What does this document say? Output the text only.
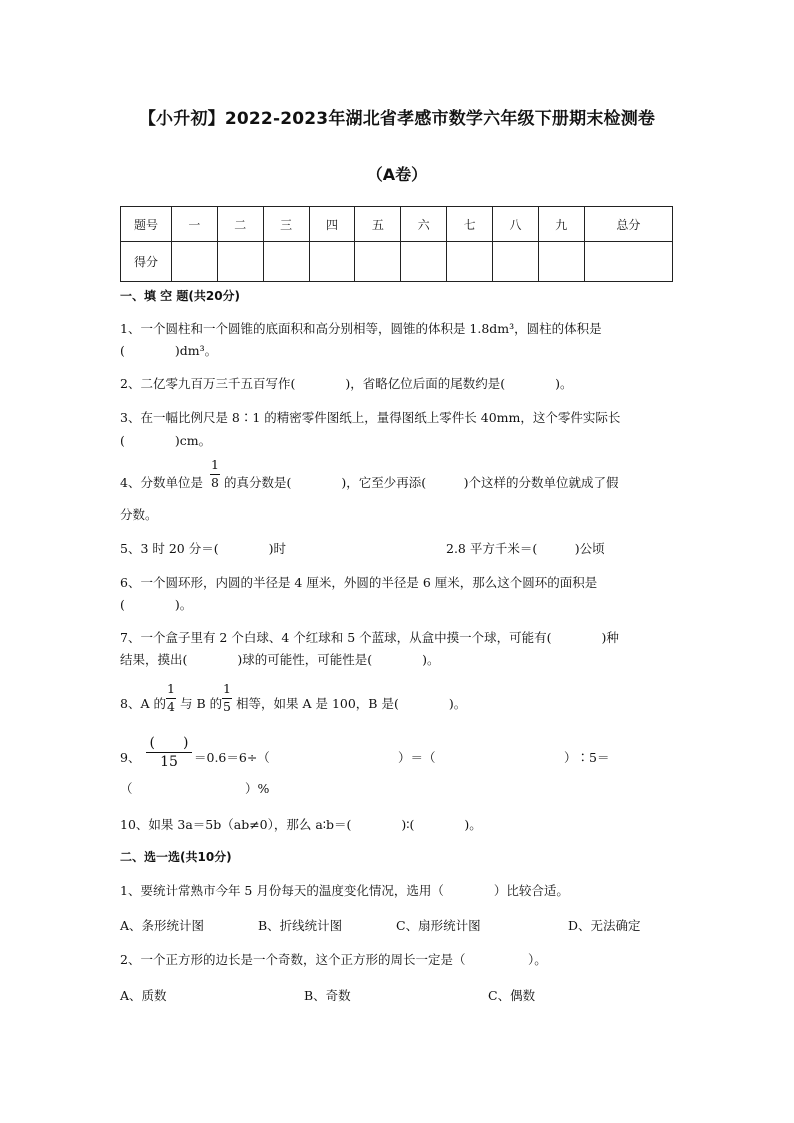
【小升初】2022-2023年湖北省孝感市数学六年级下册期末检测卷
（A卷）
题号	一	二	三	四	五	六	七	八	九	总分
得分										
一、填 空 题(共20分)
1、一个圆柱和一个圆锥的底面积和高分别相等，圆锥的体积是 1.8dm³，圆柱的体积是
(　　　　)dm³。
2、二亿零九百万三千五百写作(　　　　)，省略亿位后面的尾数约是(　　　　)。
3、在一幅比例尺是 8∶1 的精密零件图纸上，量得图纸上零件长 40mm，这个零件实际长
(　　　　)cm。
4、分数单位是
1
8 的真分数是(　　　　)，它至少再添(　　　)个这样的分数单位就成了假
分数。
5、3 时 20 分＝(　　　　)时	2.8 平方千米＝(　　　)公顷
6、一个圆环形，内圆的半径是 4 厘米，外圆的半径是 6 厘米，那么这个圆环的面积是
(　　　　)。
7、一个盒子里有 2 个白球、4 个红球和 5 个蓝球，从盒中摸一个球，可能有(　　　　)种
结果，摸出(　　　　)球的可能性，可能性是(　　　　)。
8、A 的
1
4 与 B 的
1
5 相等，如果 A 是 100，B 是(　　　　)。
9、
(　　)
15 ＝0.6＝6÷（	）＝（	）∶5＝
（　　　　　　　　　）%
10、如果 3a＝5b（ab≠0），那么 a∶b＝(　　　　)∶(　　　　)。
二、选一选(共10分)
1、要统计常熟市今年 5 月份每天的温度变化情况，选用（　　　　）比较合适。
A、条形统计图	B、折线统计图	C、扇形统计图	D、无法确定
2、一个正方形的边长是一个奇数，这个正方形的周长一定是（　　　　　）。
A、质数	B、奇数	C、偶数
